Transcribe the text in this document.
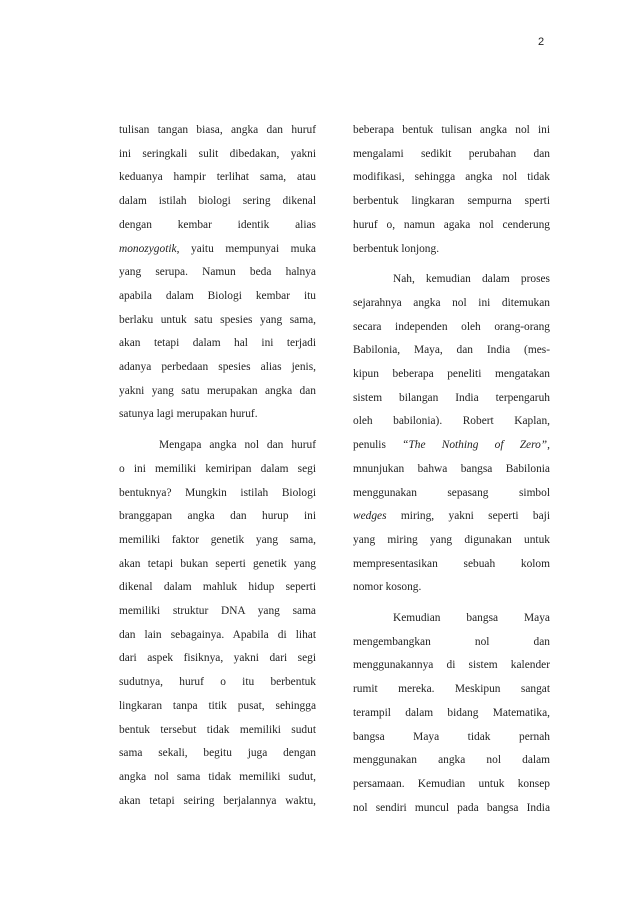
2
tulisan tangan biasa, angka dan huruf
ini seringkali sulit dibedakan, yakni
keduanya hampir terlihat sama, atau
dalam istilah biologi sering dikenal
dengan kembar identik alias
monozygotik, yaitu mempunyai muka
yang serupa. Namun beda halnya
apabila dalam Biologi kembar itu
berlaku untuk satu spesies yang sama,
akan tetapi dalam hal ini terjadi
adanya perbedaan spesies alias jenis,
yakni yang satu merupakan angka dan
satunya lagi merupakan huruf.
Mengapa angka nol dan huruf
o ini memiliki kemiripan dalam segi
bentuknya? Mungkin istilah Biologi
branggapan angka dan hurup ini
memiliki faktor genetik yang sama,
akan tetapi bukan seperti genetik yang
dikenal dalam mahluk hidup seperti
memiliki struktur DNA yang sama
dan lain sebagainya. Apabila di lihat
dari aspek fisiknya, yakni dari segi
sudutnya, huruf o itu berbentuk
lingkaran tanpa titik pusat, sehingga
bentuk tersebut tidak memiliki sudut
sama sekali, begitu juga dengan
angka nol sama tidak memiliki sudut,
akan tetapi seiring berjalannya waktu,
beberapa bentuk tulisan angka nol ini
mengalami sedikit perubahan dan
modifikasi, sehingga angka nol tidak
berbentuk lingkaran sempurna sperti
huruf o, namun agaka nol cenderung
berbentuk lonjong.
Nah, kemudian dalam proses
sejarahnya angka nol ini ditemukan
secara independen oleh orang-orang
Babilonia, Maya, dan India (mes-
kipun beberapa peneliti mengatakan
sistem bilangan India terpengaruh
oleh babilonia). Robert Kaplan,
penulis “The Nothing of Zero”,
mnunjukan bahwa bangsa Babilonia
menggunakan sepasang simbol
wedges miring, yakni seperti baji
yang miring yang digunakan untuk
mempresentasikan sebuah kolom
nomor kosong.
Kemudian bangsa Maya
mengembangkan nol dan
menggunakannya di sistem kalender
rumit mereka. Meskipun sangat
terampil dalam bidang Matematika,
bangsa Maya tidak pernah
menggunakan angka nol dalam
persamaan. Kemudian untuk konsep
nol sendiri muncul pada bangsa India
